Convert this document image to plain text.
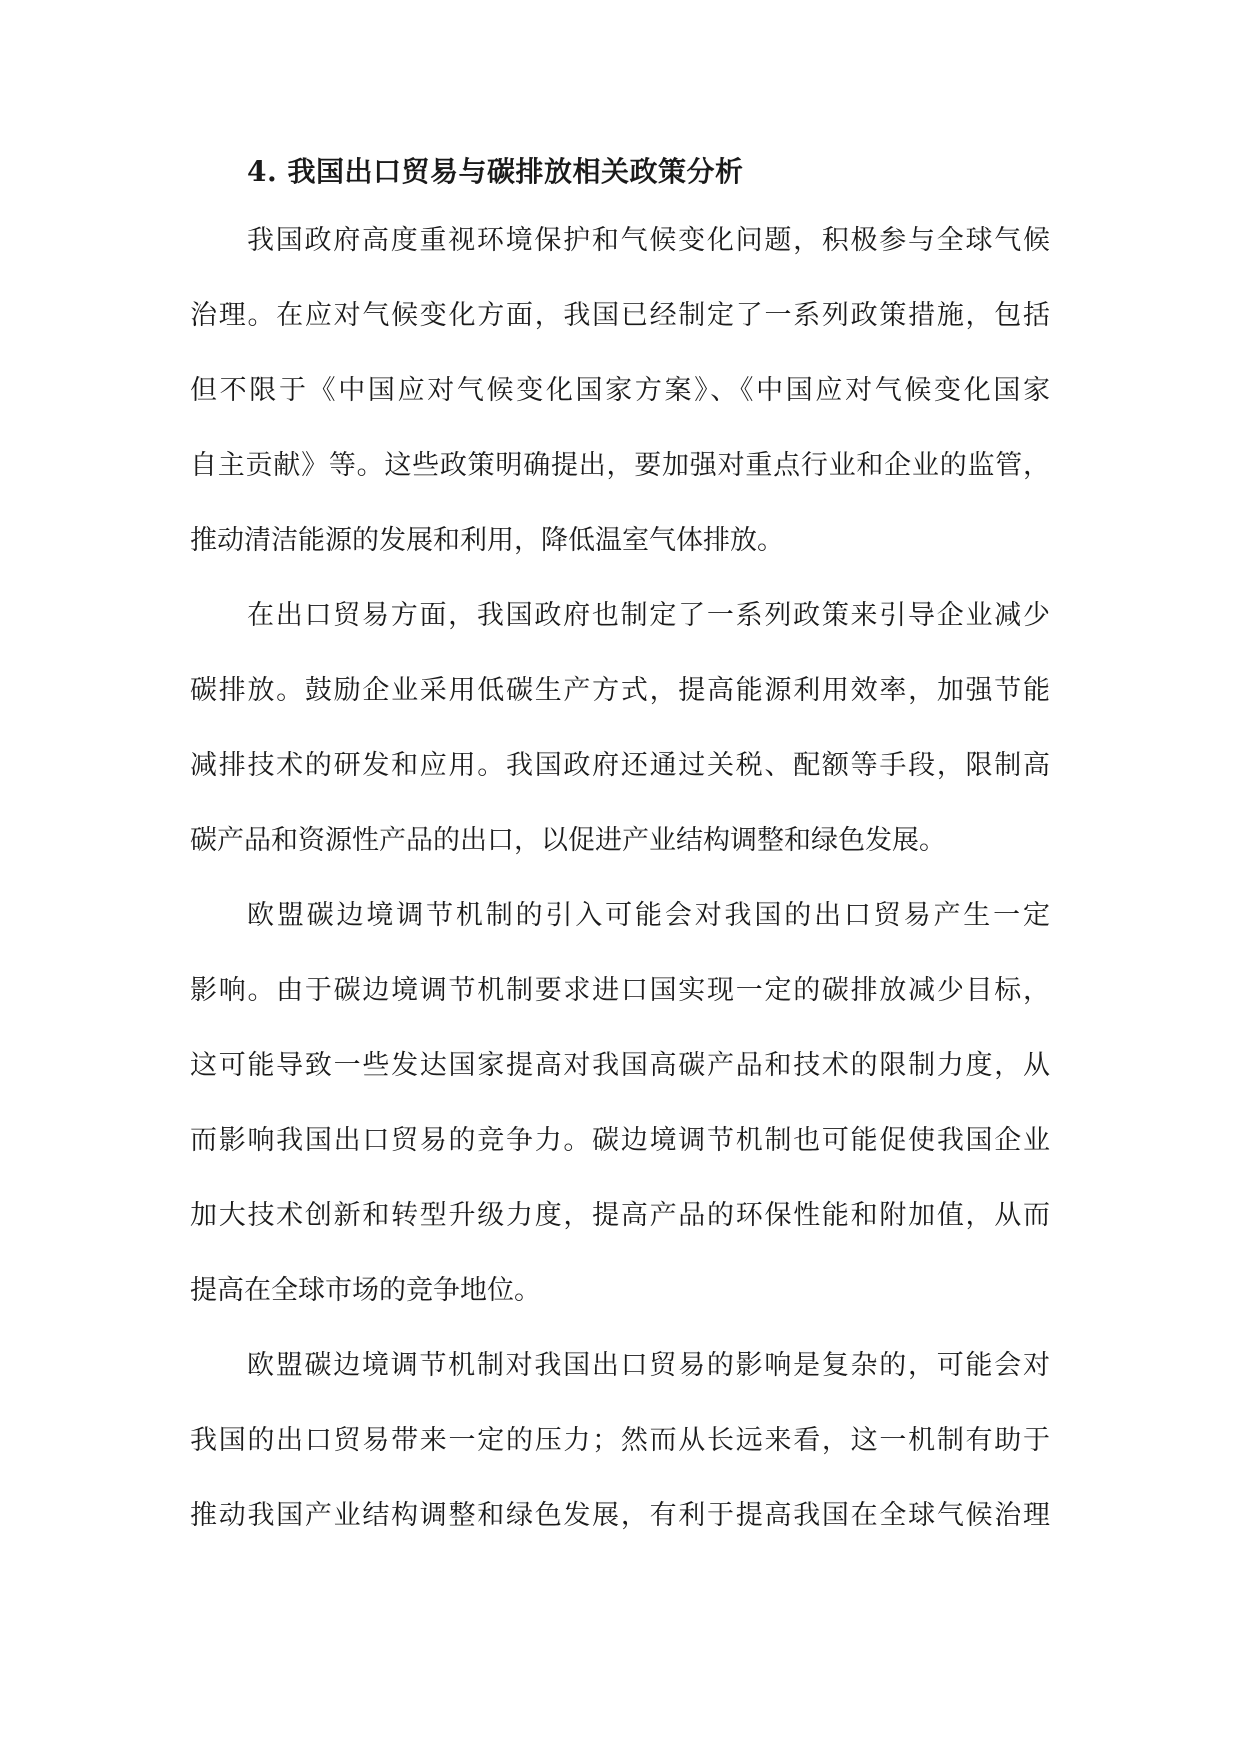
4. 我国出口贸易与碳排放相关政策分析
我国政府高度重视环境保护和气候变化问题，积极参与全球气候
治理。在应对气候变化方面，我国已经制定了一系列政策措施，包括
但不限于《中国应对气候变化国家方案》、《中国应对气候变化国家
自主贡献》等。这些政策明确提出，要加强对重点行业和企业的监管，
推动清洁能源的发展和利用，降低温室气体排放。
在出口贸易方面，我国政府也制定了一系列政策来引导企业减少
碳排放。鼓励企业采用低碳生产方式，提高能源利用效率，加强节能
减排技术的研发和应用。我国政府还通过关税、配额等手段，限制高
碳产品和资源性产品的出口，以促进产业结构调整和绿色发展。
欧盟碳边境调节机制的引入可能会对我国的出口贸易产生一定
影响。由于碳边境调节机制要求进口国实现一定的碳排放减少目标，
这可能导致一些发达国家提高对我国高碳产品和技术的限制力度，从
而影响我国出口贸易的竞争力。碳边境调节机制也可能促使我国企业
加大技术创新和转型升级力度，提高产品的环保性能和附加值，从而
提高在全球市场的竞争地位。
欧盟碳边境调节机制对我国出口贸易的影响是复杂的，可能会对
我国的出口贸易带来一定的压力；然而从长远来看，这一机制有助于
推动我国产业结构调整和绿色发展，有利于提高我国在全球气候治理
